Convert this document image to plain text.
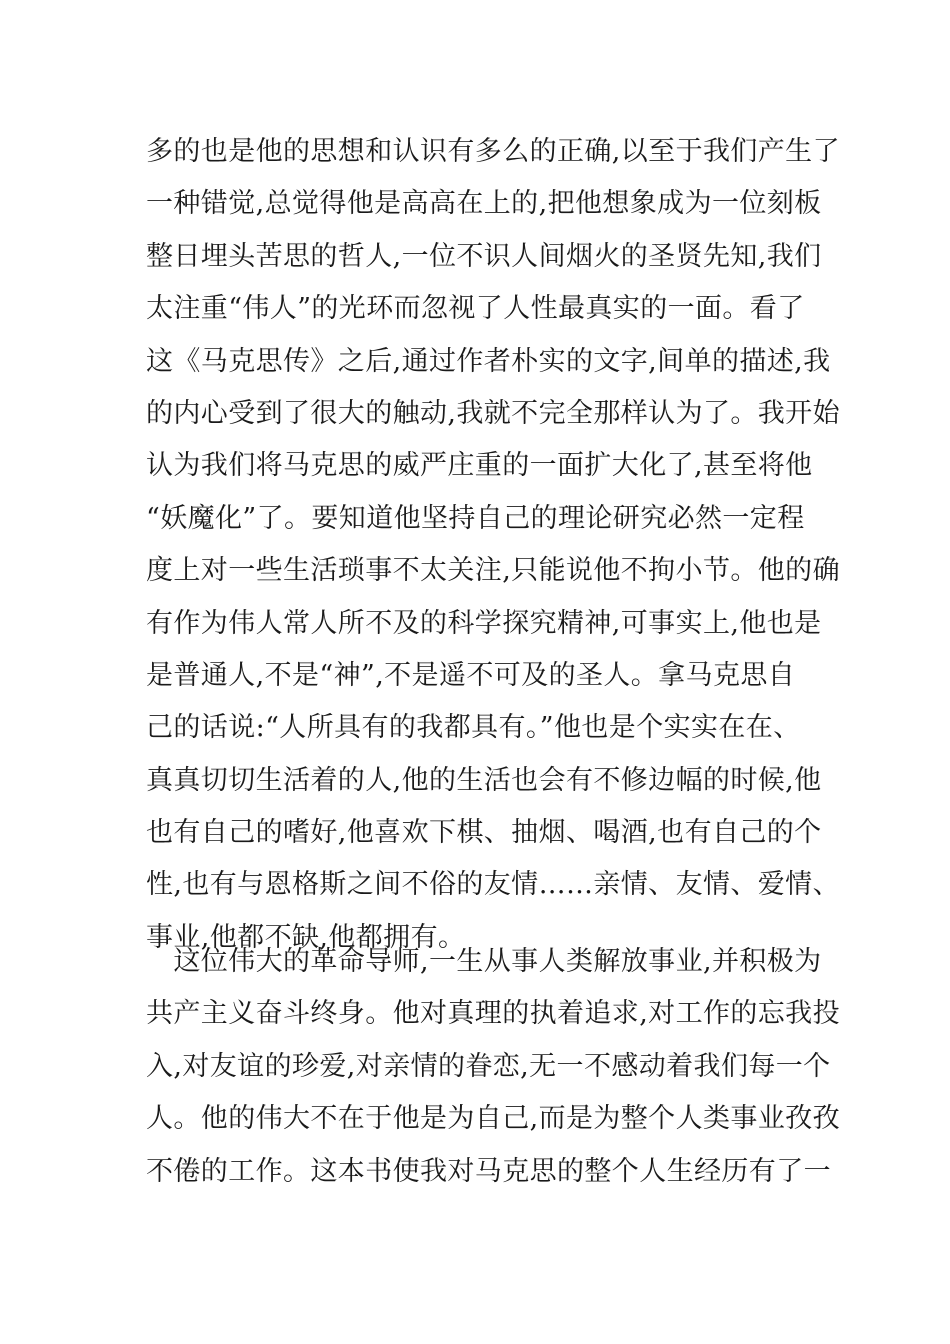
多的也是他的思想和认识有多么的正确,以至于我们产生了
一种错觉,总觉得他是高高在上的,把他想象成为一位刻板
整日埋头苦思的哲人,一位不识人间烟火的圣贤先知,我们
太注重“伟人”的光环而忽视了人性最真实的一面。看了
这《马克思传》之后,通过作者朴实的文字,间单的描述,我
的内心受到了很大的触动,我就不完全那样认为了。我开始
认为我们将马克思的威严庄重的一面扩大化了,甚至将他
“妖魔化”了。要知道他坚持自己的理论研究必然一定程
度上对一些生活琐事不太关注,只能说他不拘小节。他的确
有作为伟人常人所不及的科学探究精神,可事实上,他也是
是普通人,不是“神”,不是遥不可及的圣人。拿马克思自
己的话说:“人所具有的我都具有。”他也是个实实在在、
真真切切生活着的人,他的生活也会有不修边幅的时候,他
也有自己的嗜好,他喜欢下棋、抽烟、喝酒,也有自己的个
性,也有与恩格斯之间不俗的友情……亲情、友情、爱情、
事业,他都不缺,他都拥有。
　这位伟大的革命导师,一生从事人类解放事业,并积极为
共产主义奋斗终身。他对真理的执着追求,对工作的忘我投
入,对友谊的珍爱,对亲情的眷恋,无一不感动着我们每一个
人。他的伟大不在于他是为自己,而是为整个人类事业孜孜
不倦的工作。这本书使我对马克思的整个人生经历有了一
